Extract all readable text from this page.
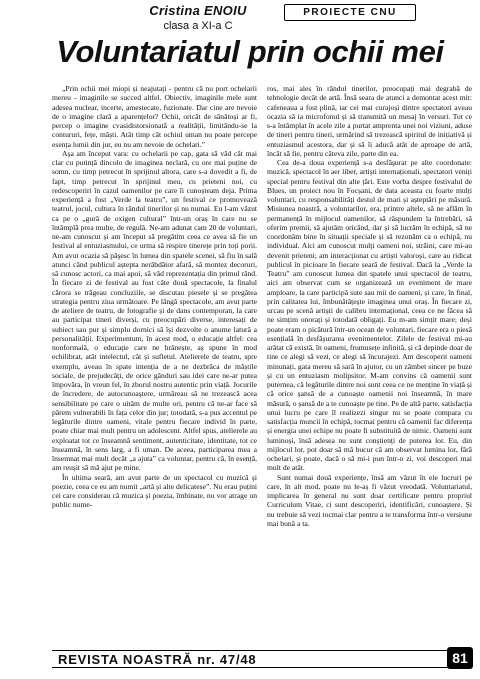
Cristina ENOIU
clasa a XI-a C
PROIECTE CNU
Voluntariatul prin ochii mei

„Prin ochii mei miopi și neajutați - pentru că nu port ochelarii mereu - imaginile se succed altfel. Obiectiv, imaginile mele sunt adesea nuclear, incerte, amestecate, fuzionate. Dar cine are nevoie de o imagine clară a aparențelor? Ochii, oricât de sănătoși ar fi, percep o imagine cvasidistorsionată a realității, limitându-se la contururi, fețe, măști. Atât timp cât ochiul uman nu poate percepe esența lumii din jur, eu nu am nevoie de ochelari.”

Așa am început vara: cu ochelarii pe cap, gata să văd cât mai clar cu putință dincolo de imaginea neclară, cu ore mai puține de somn, cu timp petrecut în sprijinul altora, care s-a dovedit a fi, de fapt, timp petrecut în sprijinul meu, cu prieteni noi, cu redescoperiri în cazul oamenilor pe care îi cunoșteam deja. Prima experiență a fost „Verde la teatru”, un festival ce promovează teatrul, jocul, cultura în rândul tinerilor și nu numai. Eu l-am văzut ca pe o „gură de oxigen cultural” într-un oraș în care nu se întâmplă prea multe, de regulă. Ne-am adunat cam 20 de voluntari, ne-am cunoscut și am început să pregătim ceea ce avea să fie un festival al entuziasmului, ce urma să respire tinerețe prin toți porii. Am avut ocazia să păşesc în lumea din spatele scenei, să fiu în sală atunci când publicul aștepta nerăbdător afară, să montez decoruri, să cunosc actori, ca mai apoi, să văd reprezentația din primul rând. În fiecare zi de festival au fost câte două spectacole, la finalul cărora se trăgeau concluziile, se discutau piesele și se pregătea strategia pentru ziua următoare. Pe lângă spectacole, am avut parte de ateliere de teatru, de fotografie și de dans contemporan, la care au participat tineri diverși, cu preocupări diverse, interesați de subiect sau pur și simplu dornici să își dezvolte o anume latură a personalității. Experimentum, în acest mod, o educație altfel: cea nonformală, o educație care ne hrănește, aș spune în mod echilibrat, atât intelectul, cât și sufletul. Atelierele de teatru, spre exemplu, aveau în spate intenția de a ne dezbrăca de măștile sociale, de prejudecăți, de orice gânduri sau idei care ne-ar putea împovăra, în vreun fel, în zborul nostru autentic prin viață. Jocurile de încredere, de autocunoaștere, urmăreau să ne trezească acea sensibilitate pe care o uităm de multe ori, pentru că ne-ar face să părem vulnerabili în fața celor din jur; totodată, s-a pus accentul pe legăturile dintre oameni, vitale pentru fiecare individ în parte, poate chiar mai mult pentru un adolescent. Altfel spus, atelierele au exploatat tot ce înseamnă sentiment, autenticitate, identitate, tot ce înseamnă, în sens larg, a fi uman. De aceea, participarea mea a însemnat mai mult decât „a ajuta” ca voluntar, pentru că, în esență, am reușit să mă ajut pe mine.

În ultima seară, am avut parte de un spectacol cu muzică și poezie, ceea ce eu am numit „artă și alte delicatese”. Nu erau puțini cei care considerau că muzica și poezia, îmbinate, nu vor atrage un public nume-

ros, mai ales în rândul tinerilor, preocupați mai degrabă de tehnologie decât de artă. Însă seara de atunci a demontat acest mit: cafeneaua a fost plină, iar cei mai curajoși dintre spectatori aveau ocazia să ia microfonul și să transmită un mesaj în versuri. Tot ce s-a întâmplat în acele zile a purtat amprenta unei noi viziuni, aduse de tineri pentru tineri, urmărind să trezească spiritul de inițiativă și entuziasmul acestora, dar și să îi aducă atât de aproape de artă, încât să fie, pentru câteva zile, parte din ea.

Cea de-a doua experiență s-a desfășurat pe alte coordonate: muzică, spectacol în aer liber, artiști internaționali, spectatori veniți special pentru festival din alte țări. Este vorba despre festivalul de Blues, un proiect nou în Focșani, de data aceasta cu foarte mulți voluntari, cu responsabilități destul de mari și așteptări pe măsură. Misiunea noastră, a voluntarilor, era, printre altele, să ne aflăm în permanență în mijlocul oamenilor, să răspundem la întrebări, să oferim premii, să ajutăm oricând, dar și să lucrăm în echipă, să ne coordonăm bine în situații speciale și să rezonăm ca o echipă, nu individual. Aici am cunoscut mulți oameni noi, străini, care mi-au devenit prieteni; am interacționat cu artiști valoroși, care au ridicat publicul în picioare în fiecare seară de festival. Dacă la „Verde la Teatru” am cunoscut lumea din spatele unui spectacol de teatru, aici am observat cum se organizează un eveniment de mare amploare, la care participă sute sau mii de oameni, și care, în final, prin calitatea lui, îmbunătățește imaginea unui oraș. În fiecare zi, urcau pe scenă artiști de calibru internațional, ceea ce ne făcea să ne simțim onorați și totodată obligați. Eu m-am simțit mare; deși poate eram o picătură într-un ocean de voluntari, fiecare era o piesă esențială în desfășurarea evenimentelor. Zilele de festival mi-au arătat că există, în oameni, frumusețe infinită, și că depinde doar de tine ce alegi să vezi, ce alegi să încurajezi. Am descoperit oameni minunați, gata mereu să sară în ajutor, cu un zâmbet sincer pe buze și cu un entuziasm molipsitor. M-am convins că oamenii sunt puternea, că legăturile dintre noi sunt ceea ce ne menține în viață și că orice șansă de a cunoaște oamenii noi înseamnă, în mare măsură, o șansă de a te cunoaște pe tine. Pe de altă parte, satisfacția unui lucru pe care îl realizezi singur nu se poate compara cu satisfacția muncii în echipă, tocmai pentru că oamenii fac diferența și energia unei echipe nu poate fi substituită de nimic. Oameni sunt luminoși, însă adesea nu sunt conștienți de puterea lor. Eu, din mijlocul lor, pot doar să mă bucur că am observat lumina lor, fără ochelari, și poate, dacă o să mi-i pun într-o zi, voi descoperi mai mult de atât.

Sunt numai două experiențe, însă am văzut în ele lucruri pe care, în alt mod, poate nu le-aș fi văzut vreodată. Voluntariatul, implicarea în general nu sunt doar certificate pentru propriul Curriculum Vitae, ci sunt descoperiri, identificări, cunoaștere. Și nu trebuie să vezi tocmai clar pentru a te transforma într-o versiune mai bună a ta.

REVISTA NOASTRĂ nr. 47/48	81
